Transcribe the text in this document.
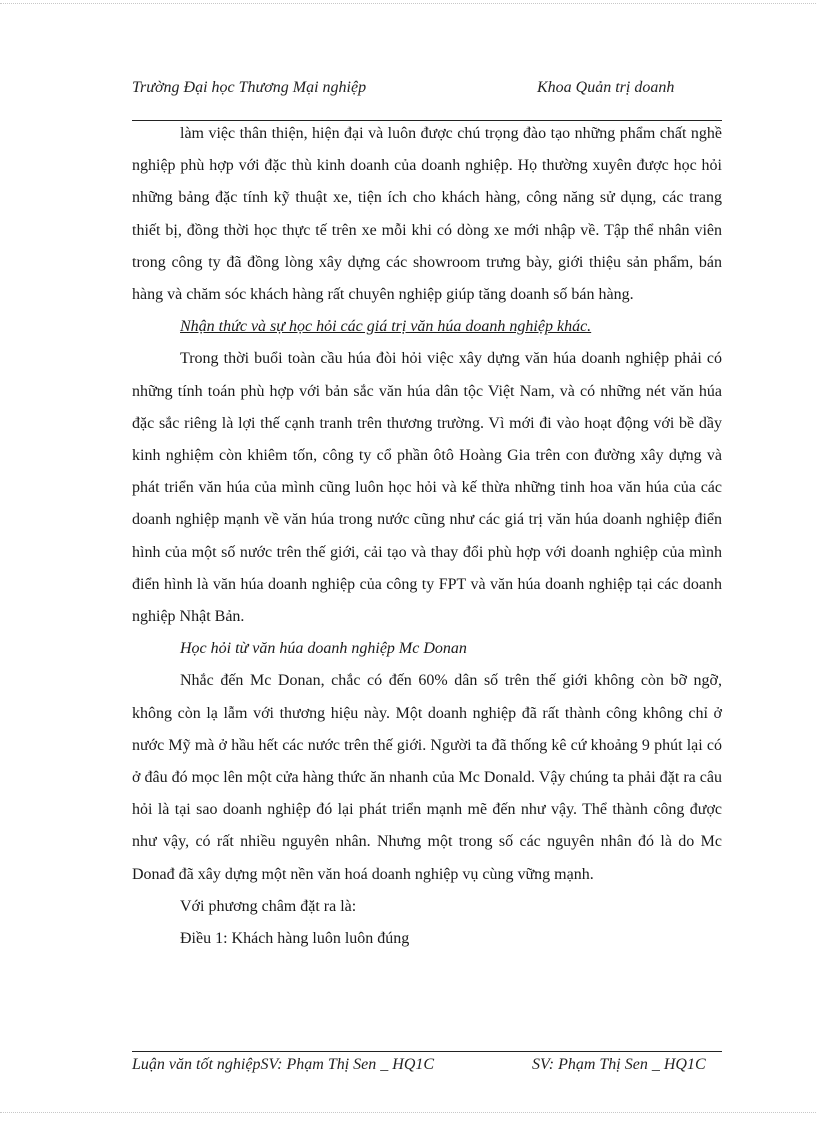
Trường Đại học Thương Mại nghiệp	Khoa Quản trị doanh

làm việc thân thiện, hiện đại và luôn được chú trọng đào tạo những phẩm chất nghề nghiệp phù hợp với đặc thù kinh doanh của doanh nghiệp. Họ thường xuyên được học hỏi những bảng đặc tính kỹ thuật xe, tiện ích cho khách hàng, công năng sử dụng, các trang thiết bị, đồng thời học thực tế trên xe mỗi khi có dòng xe mới nhập về. Tập thể nhân viên trong công ty đã đồng lòng xây dựng các showroom trưng bày, giới thiệu sản phẩm, bán hàng và chăm sóc khách hàng rất chuyên nghiệp giúp tăng doanh số bán hàng.

Nhận thức và sự học hỏi các giá trị văn húa doanh nghiệp khác.

Trong thời buổi toàn cầu húa đòi hỏi việc xây dựng văn húa doanh nghiệp phải có những tính toán phù hợp với bản sắc văn húa dân tộc Việt Nam, và có những nét văn húa đặc sắc riêng là lợi thế cạnh tranh trên thương trường. Vì mới đi vào hoạt động với bề dầy kinh nghiệm còn khiêm tốn, công ty cổ phần ôtô Hoàng Gia trên con đường xây dựng và phát triển văn húa của mình cũng luôn học hỏi và kế thừa những tinh hoa văn húa của các doanh nghiệp mạnh về văn húa trong nước cũng như các giá trị văn húa doanh nghiệp điển hình của một số nước trên thế giới, cải tạo và thay đổi phù hợp với doanh nghiệp của mình điển hình là văn húa doanh nghiệp của công ty FPT và văn húa doanh nghiệp tại các doanh nghiệp Nhật Bản.

Học hỏi từ văn húa doanh nghiệp Mc Donan

Nhắc đến Mc Donan, chắc có đến 60% dân số trên thế giới không còn bỡ ngỡ, không còn lạ lẫm với thương hiệu này. Một doanh nghiệp đã rất thành công không chỉ ở nước Mỹ mà ở hầu hết các nước trên thế giới. Người ta đã thống kê cứ khoảng 9 phút lại có ở đâu đó mọc lên một cửa hàng thức ăn nhanh của Mc Donald. Vậy chúng ta phải đặt ra câu hỏi là tại sao doanh nghiệp đó lại phát triển mạnh mẽ đến như vậy. Thể thành công được như vậy, có rất nhiều nguyên nhân. Nhưng một trong số các nguyên nhân đó là do Mc Donađ đã xây dựng một nền văn hoá doanh nghiệp vụ cùng vững mạnh.

Với phương châm đặt ra là:

Điều 1: Khách hàng luôn luôn đúng

Luận văn tốt nghiệpSV: Phạm Thị Sen _ HQ1C	SV: Phạm Thị Sen _ HQ1C
